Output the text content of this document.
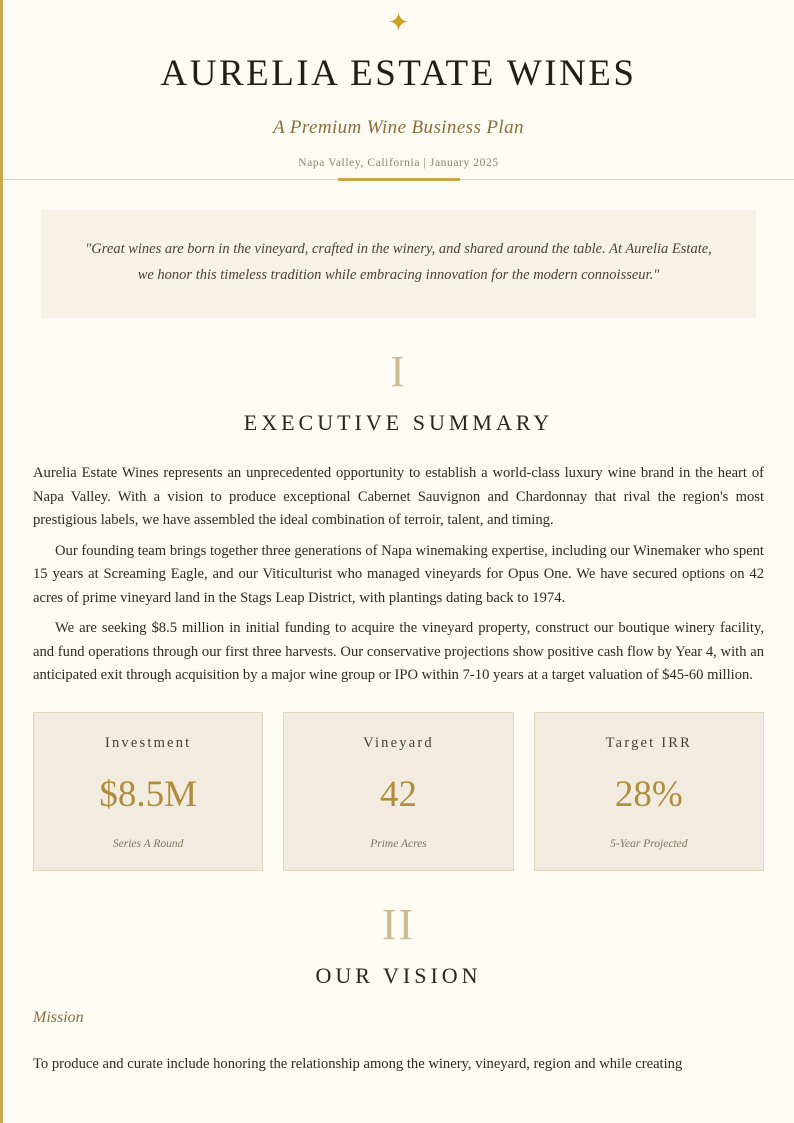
✦
AURELIA ESTATE WINES
A Premium Wine Business Plan
Napa Valley, California | January 2025
"Great wines are born in the vineyard, crafted in the winery, and shared around the table. At Aurelia Estate, we honor this timeless tradition while embracing innovation for the modern connoisseur."
I
EXECUTIVE SUMMARY

Aurelia Estate Wines represents an unprecedented opportunity to establish a world-class luxury wine brand in the heart of Napa Valley. With a vision to produce exceptional Cabernet Sauvignon and Chardonnay that rival the region's most prestigious labels, we have assembled the ideal combination of terroir, talent, and timing.

Our founding team brings together three generations of Napa winemaking expertise, including our Winemaker who spent 15 years at Screaming Eagle, and our Viticulturist who managed vineyards for Opus One. We have secured options on 42 acres of prime vineyard land in the Stags Leap District, with plantings dating back to 1974.

We are seeking $8.5 million in initial funding to acquire the vineyard property, construct our boutique winery facility, and fund operations through our first three harvests. Our conservative projections show positive cash flow by Year 4, with an anticipated exit through acquisition by a major wine group or IPO within 7-10 years at a target valuation of $45-60 million.

Investment
$8.5M
Series A Round
Vineyard
42
Prime Acres
Target IRR
28%
5-Year Projected
II
OUR VISION
Mission

To produce and curate include honoring the relationship among the winery, vineyard, region and while creating
